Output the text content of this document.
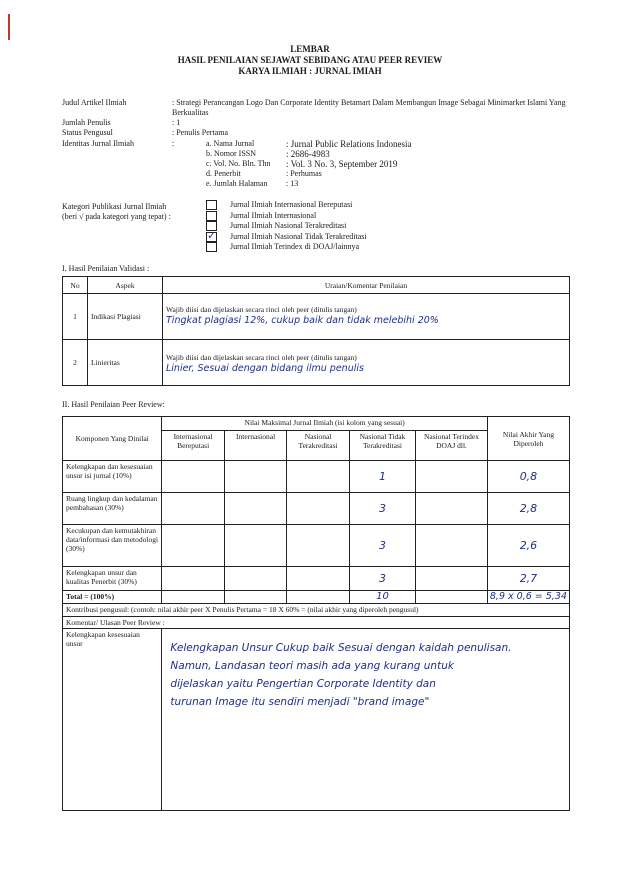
LEMBAR
HASIL PENILAIAN SEJAWAT SEBIDANG ATAU PEER REVIEW
KARYA ILMIAH : JURNAL IMIAH
Judul Artikel Ilmiah	: Strategi Perancangan Logo Dan Corporate Identity Betamart Dalam Membangun Image Sebagai Minimarket Islami Yang Berkualitas
Jumlah Penulis	: 1
Status Pengusul	: Penulis Pertama
Identitas Jurnal Ilmiah	:	a. Nama Jurnal	: Jurnal Public Relations Indonesia
b. Nomor ISSN	: 2686-4983
c. Vol. No. Bln. Thn	: Vol. 3 No. 3, September 2019
d. Penerbit	: Perhumas
e. Jumlah Halaman	: 13
Kategori Publikasi Jurnal Ilmiah
(beri √ pada kategori yang tepat) :
Jurnal Ilmiah Internasional Bereputasi
Jurnal Ilmiah Internasional
Jurnal Ilmiah Nasional Terakreditasi
✓ Jurnal Ilmiah Nasional Tidak Terakreditasi
Jurnal Ilmiah Terindex di DOAJ/lainnya
I. Hasil Penilaian Validasi :
No	Aspek	Uraian/Komentar Penilaian
1	Indikasi Plagiasi	Wajib diisi dan dijelaskan secara rinci oleh peer (ditulis tangan)
Tingkat plagiasi 12%, cukup baik dan tidak melebihi 20%

2	Linieritas	Wajib diisi dan dijelaskan secara rinci oleh peer (ditulis tangan)
Linier, Sesuai dengan bidang ilmu penulis
II. Hasil Penilaian Peer Review:
Komponen Yang Dinilai	Nilai Maksimal Jurnal Ilmiah (isi kolom yang sesuai)					Nilai Akhir Yang Diperoleh
	Internasional Bereputasi	Internasional	Nasional Terakreditasi	Nasional Tidak Terakreditasi	Nasional Terindex DOAJ dll.	
Kelengkapan dan kesesuaian unsur isi jurnal (10%)				1		0,8
Ruang lingkup dan kedalaman pembahasan (30%)				3		2,8
Kecukupan dan kemutakhiran data/informasi dan metodologi (30%)				3		2,6
Kelengkapan unsur dan kualitas Penerbit (30%)				3		2,7
Total = (100%)				10		8,9 x 0,6 = 5,34
Kontribusi pengusul: (contoh: nilai akhir peer X Penulis Pertama = 18 X 60% = (nilai akhir yang diperoleh pengusul)						
Komentar/ Ulasan Peer Review :						
Kelengkapan kesesuaian unsur	Kelengkapan Unsur Cukup baik Sesuai dengan kaidah penulisan.
Namun, Landasan teori masih ada yang kurang untuk
dijelaskan yaitu Pengertian Corporate Identity dan
turunan Image itu sendiri menjadi "brand image"					
